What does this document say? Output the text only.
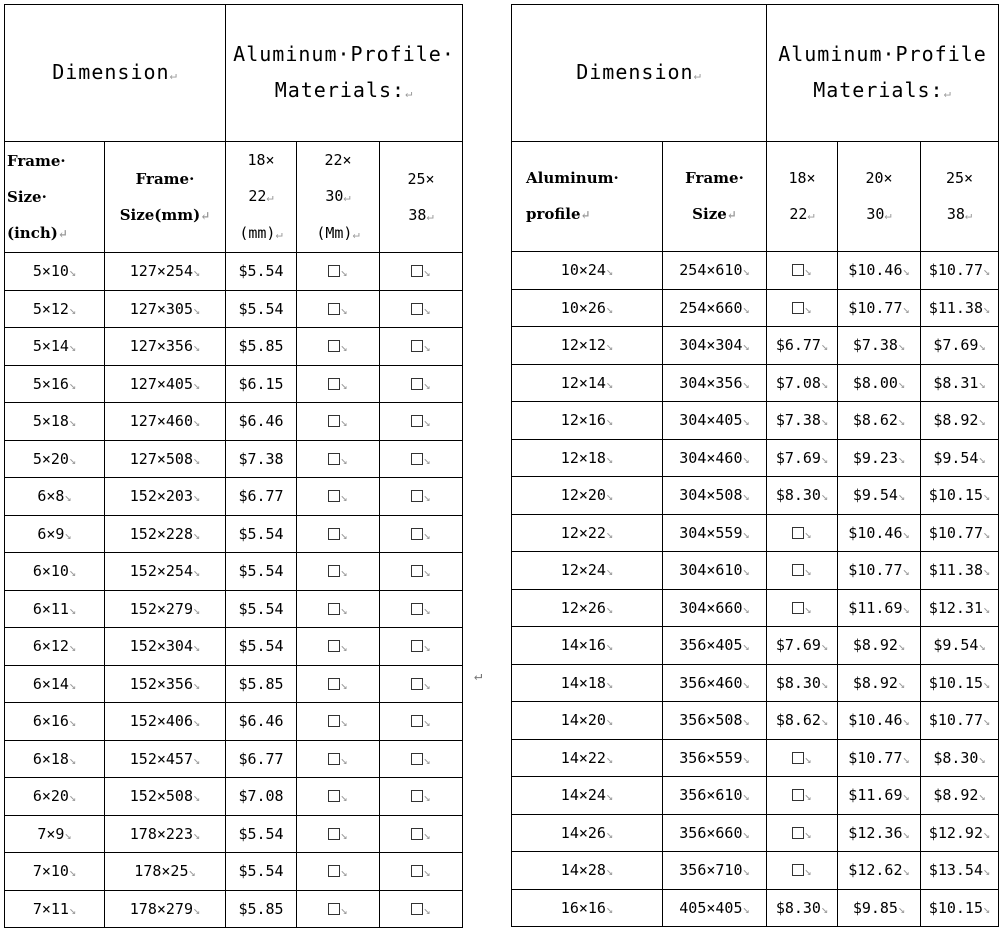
Dimension↵		Aluminum·Profile·
Materials:↵		
Frame·
Size·
(inch)↵	Frame·
Size(mm)↵	18×
22↵
(mm)↵	22×
30↵
(Mm)↵	25×
38↵
5×10↘	127×254↘	$5.54	↘	↘
5×12↘	127×305↘	$5.54	↘	↘
5×14↘	127×356↘	$5.85	↘	↘
5×16↘	127×405↘	$6.15	↘	↘
5×18↘	127×460↘	$6.46	↘	↘
5×20↘	127×508↘	$7.38	↘	↘
6×8↘	152×203↘	$6.77	↘	↘
6×9↘	152×228↘	$5.54	↘	↘
6×10↘	152×254↘	$5.54	↘	↘
6×11↘	152×279↘	$5.54	↘	↘
6×12↘	152×304↘	$5.54	↘	↘
6×14↘	152×356↘	$5.85	↘	↘
6×16↘	152×406↘	$6.46	↘	↘
6×18↘	152×457↘	$6.77	↘	↘
6×20↘	152×508↘	$7.08	↘	↘
7×9↘	178×223↘	$5.54	↘	↘
7×10↘	178×25↘	$5.54	↘	↘
7×11↘	178×279↘	$5.85	↘	↘
↵
Dimension↵		Aluminum·Profile
Materials:↵		
Aluminum·
profile↵	Frame·
Size↵	18×
22↵	20×
30↵	25×
38↵
10×24↘	254×610↘	↘	$10.46↘	$10.77↘
10×26↘	254×660↘	↘	$10.77↘	$11.38↘
12×12↘	304×304↘	$6.77↘	$7.38↘	$7.69↘
12×14↘	304×356↘	$7.08↘	$8.00↘	$8.31↘
12×16↘	304×405↘	$7.38↘	$8.62↘	$8.92↘
12×18↘	304×460↘	$7.69↘	$9.23↘	$9.54↘
12×20↘	304×508↘	$8.30↘	$9.54↘	$10.15↘
12×22↘	304×559↘	↘	$10.46↘	$10.77↘
12×24↘	304×610↘	↘	$10.77↘	$11.38↘
12×26↘	304×660↘	↘	$11.69↘	$12.31↘
14×16↘	356×405↘	$7.69↘	$8.92↘	$9.54↘
14×18↘	356×460↘	$8.30↘	$8.92↘	$10.15↘
14×20↘	356×508↘	$8.62↘	$10.46↘	$10.77↘
14×22↘	356×559↘	↘	$10.77↘	$8.30↘
14×24↘	356×610↘	↘	$11.69↘	$8.92↘
14×26↘	356×660↘	↘	$12.36↘	$12.92↘
14×28↘	356×710↘	↘	$12.62↘	$13.54↘
16×16↘	405×405↘	$8.30↘	$9.85↘	$10.15↘
